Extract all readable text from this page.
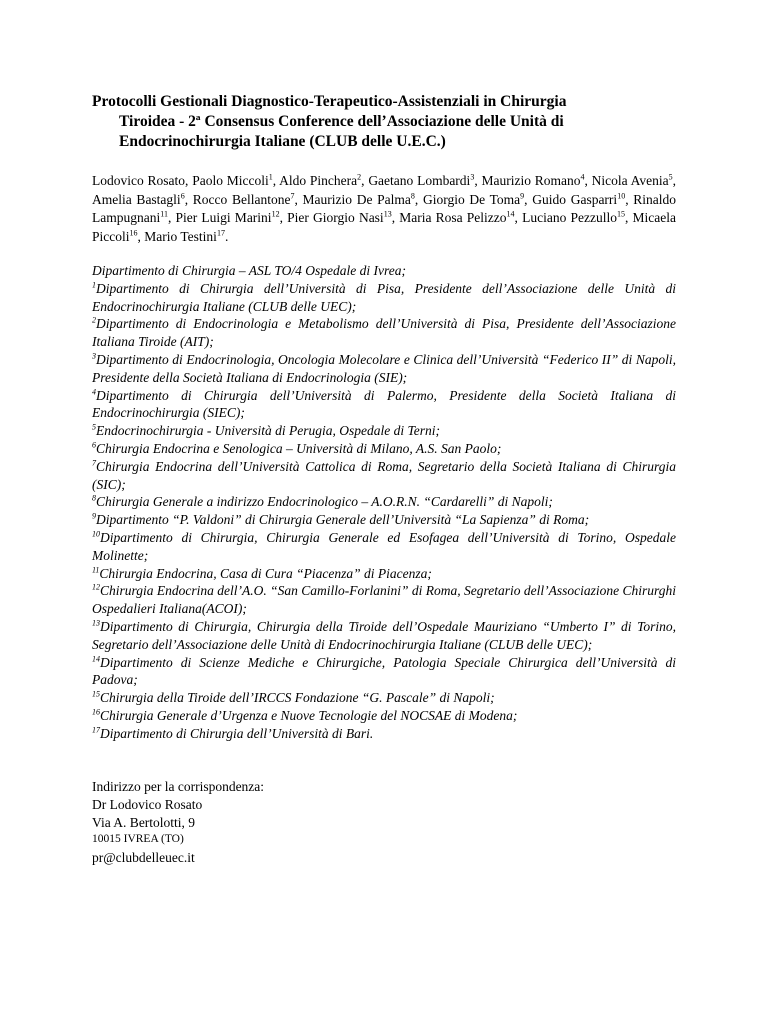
Protocolli Gestionali Diagnostico-Terapeutico-Assistenziali in Chirurgia
Tiroidea - 2ª Consensus Conference dell’Associazione delle Unità di
Endocrinochirurgia Italiane (CLUB delle U.E.C.)
Lodovico Rosato, Paolo Miccoli$^1$, Aldo Pinchera$^2$, Gaetano Lombardi$^3$, Maurizio Romano$^4$, Nicola Avenia$^5$, Amelia Bastagli$^6$, Rocco Bellantone$^7$, Maurizio De Palma$^8$, Giorgio De Toma$^9$, Guido Gasparri$^{10}$, Rinaldo Lampugnani$^{11}$, Pier Luigi Marini$^{12}$, Pier Giorgio Nasi$^{13}$, Maria Rosa Pelizzo$^{14}$, Luciano Pezzullo$^{15}$, Micaela Piccoli$^{16}$, Mario Testini$^{17}$.
Dipartimento di Chirurgia – ASL TO/4 Ospedale di Ivrea;
$^1$Dipartimento di Chirurgia dell’Università di Pisa, Presidente dell’Associazione delle Unità di Endocrinochirurgia Italiane (CLUB delle UEC);
$^2$Dipartimento di Endocrinologia e Metabolismo dell’Università di Pisa, Presidente dell’Associazione Italiana Tiroide (AIT);
$^3$Dipartimento di Endocrinologia, Oncologia Molecolare e Clinica dell’Università “Federico II” di Napoli, Presidente della Società Italiana di Endocrinologia (SIE);
$^4$Dipartimento di Chirurgia dell’Università di Palermo, Presidente della Società Italiana di Endocrinochirurgia (SIEC);
$^5$Endocrinochirurgia - Università di Perugia, Ospedale di Terni;
$^6$Chirurgia Endocrina e Senologica – Università di Milano, A.S. San Paolo;
$^7$Chirurgia Endocrina dell’Università Cattolica di Roma, Segretario della Società Italiana di Chirurgia (SIC);
$^8$Chirurgia Generale a indirizzo Endocrinologico – A.O.R.N. “Cardarelli” di Napoli;
$^9$Dipartimento “P. Valdoni” di Chirurgia Generale dell’Università “La Sapienza” di Roma;
$^{10}$Dipartimento di Chirurgia, Chirurgia Generale ed Esofagea dell’Università di Torino, Ospedale Molinette;
$^{11}$Chirurgia Endocrina, Casa di Cura “Piacenza” di Piacenza;
$^{12}$Chirurgia Endocrina dell’A.O. “San Camillo-Forlanini” di Roma, Segretario dell’Associazione Chirurghi Ospedalieri Italiana(ACOI);
$^{13}$Dipartimento di Chirurgia, Chirurgia della Tiroide dell’Ospedale Mauriziano “Umberto I” di Torino, Segretario dell’Associazione delle Unità di Endocrinochirurgia Italiane (CLUB delle UEC);
$^{14}$Dipartimento di Scienze Mediche e Chirurgiche, Patologia Speciale Chirurgica dell’Università di Padova;
$^{15}$Chirurgia della Tiroide dell’IRCCS Fondazione “G. Pascale” di Napoli;
$^{16}$Chirurgia Generale d’Urgenza e Nuove Tecnologie del NOCSAE di Modena;
$^{17}$Dipartimento di Chirurgia dell’Università di Bari.
Indirizzo per la corrispondenza:
Dr Lodovico Rosato
Via A. Bertolotti, 9
10015 IVREA (TO)
pr@clubdelleuec.it
